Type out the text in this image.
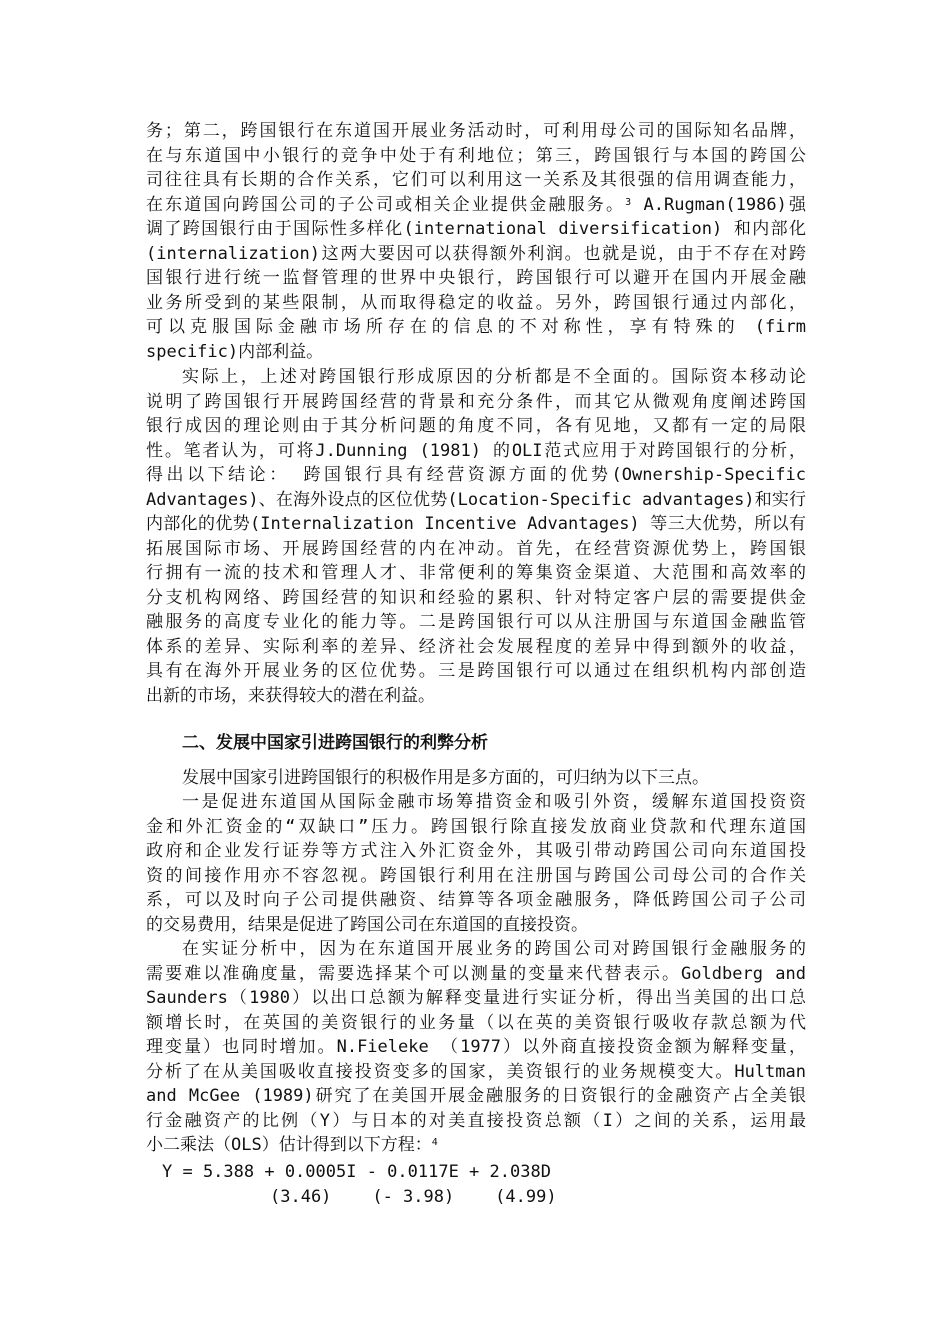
务；第二，跨国银行在东道国开展业务活动时，可利用母公司的国际知名品牌，
在与东道国中小银行的竞争中处于有利地位；第三，跨国银行与本国的跨国公
司往往具有长期的合作关系，它们可以利用这一关系及其很强的信用调查能力，
在东道国向跨国公司的子公司或相关企业提供金融服务。$^3$ A.Rugman(1986)强
调了跨国银行由于国际性多样化(international diversification) 和内部化
(internalization)这两大要因可以获得额外利润。也就是说，由于不存在对跨
国银行进行统一监督管理的世界中央银行，跨国银行可以避开在国内开展金融
业务所受到的某些限制，从而取得稳定的收益。另外，跨国银行通过内部化，
可以克服国际金融市场所存在的信息的不对称性，享有特殊的 (firm
specific)内部利益。
实际上，上述对跨国银行形成原因的分析都是不全面的。国际资本移动论
说明了跨国银行开展跨国经营的背景和充分条件，而其它从微观角度阐述跨国
银行成因的理论则由于其分析问题的角度不同，各有见地，又都有一定的局限
性。笔者认为，可将J.Dunning (1981) 的OLI范式应用于对跨国银行的分析，
得出以下结论： 跨国银行具有经营资源方面的优势(Ownership-Specific
Advantages)、在海外设点的区位优势(Location-Specific advantages)和实行
内部化的优势(Internalization Incentive Advantages) 等三大优势，所以有
拓展国际市场、开展跨国经营的内在冲动。首先，在经营资源优势上，跨国银
行拥有一流的技术和管理人才、非常便利的筹集资金渠道、大范围和高效率的
分支机构网络、跨国经营的知识和经验的累积、针对特定客户层的需要提供金
融服务的高度专业化的能力等。二是跨国银行可以从注册国与东道国金融监管
体系的差异、实际利率的差异、经济社会发展程度的差异中得到额外的收益，
具有在海外开展业务的区位优势。三是跨国银行可以通过在组织机构内部创造
出新的市场，来获得较大的潜在利益。
二、发展中国家引进跨国银行的利弊分析
发展中国家引进跨国银行的积极作用是多方面的，可归纳为以下三点。
一是促进东道国从国际金融市场筹措资金和吸引外资，缓解东道国投资资
金和外汇资金的“双缺口”压力。跨国银行除直接发放商业贷款和代理东道国
政府和企业发行证券等方式注入外汇资金外，其吸引带动跨国公司向东道国投
资的间接作用亦不容忽视。跨国银行利用在注册国与跨国公司母公司的合作关
系，可以及时向子公司提供融资、结算等各项金融服务，降低跨国公司子公司
的交易费用，结果是促进了跨国公司在东道国的直接投资。
在实证分析中，因为在东道国开展业务的跨国公司对跨国银行金融服务的
需要难以准确度量，需要选择某个可以测量的变量来代替表示。Goldberg and
Saunders（1980）以出口总额为解释变量进行实证分析，得出当美国的出口总
额增长时，在英国的美资银行的业务量（以在英的美资银行吸收存款总额为代
理变量）也同时增加。N.Fieleke （1977）以外商直接投资金额为解释变量，
分析了在从美国吸收直接投资变多的国家，美资银行的业务规模变大。Hultman
and McGee (1989)研究了在美国开展金融服务的日资银行的金融资产占全美银
行金融资产的比例（Y）与日本的对美直接投资总额（I）之间的关系，运用最
小二乘法（OLS）估计得到以下方程：$^4$
Y = 5.388 + 0.0005I - 0.0117E + 2.038D
(3.46)    (- 3.98)    (4.99)
